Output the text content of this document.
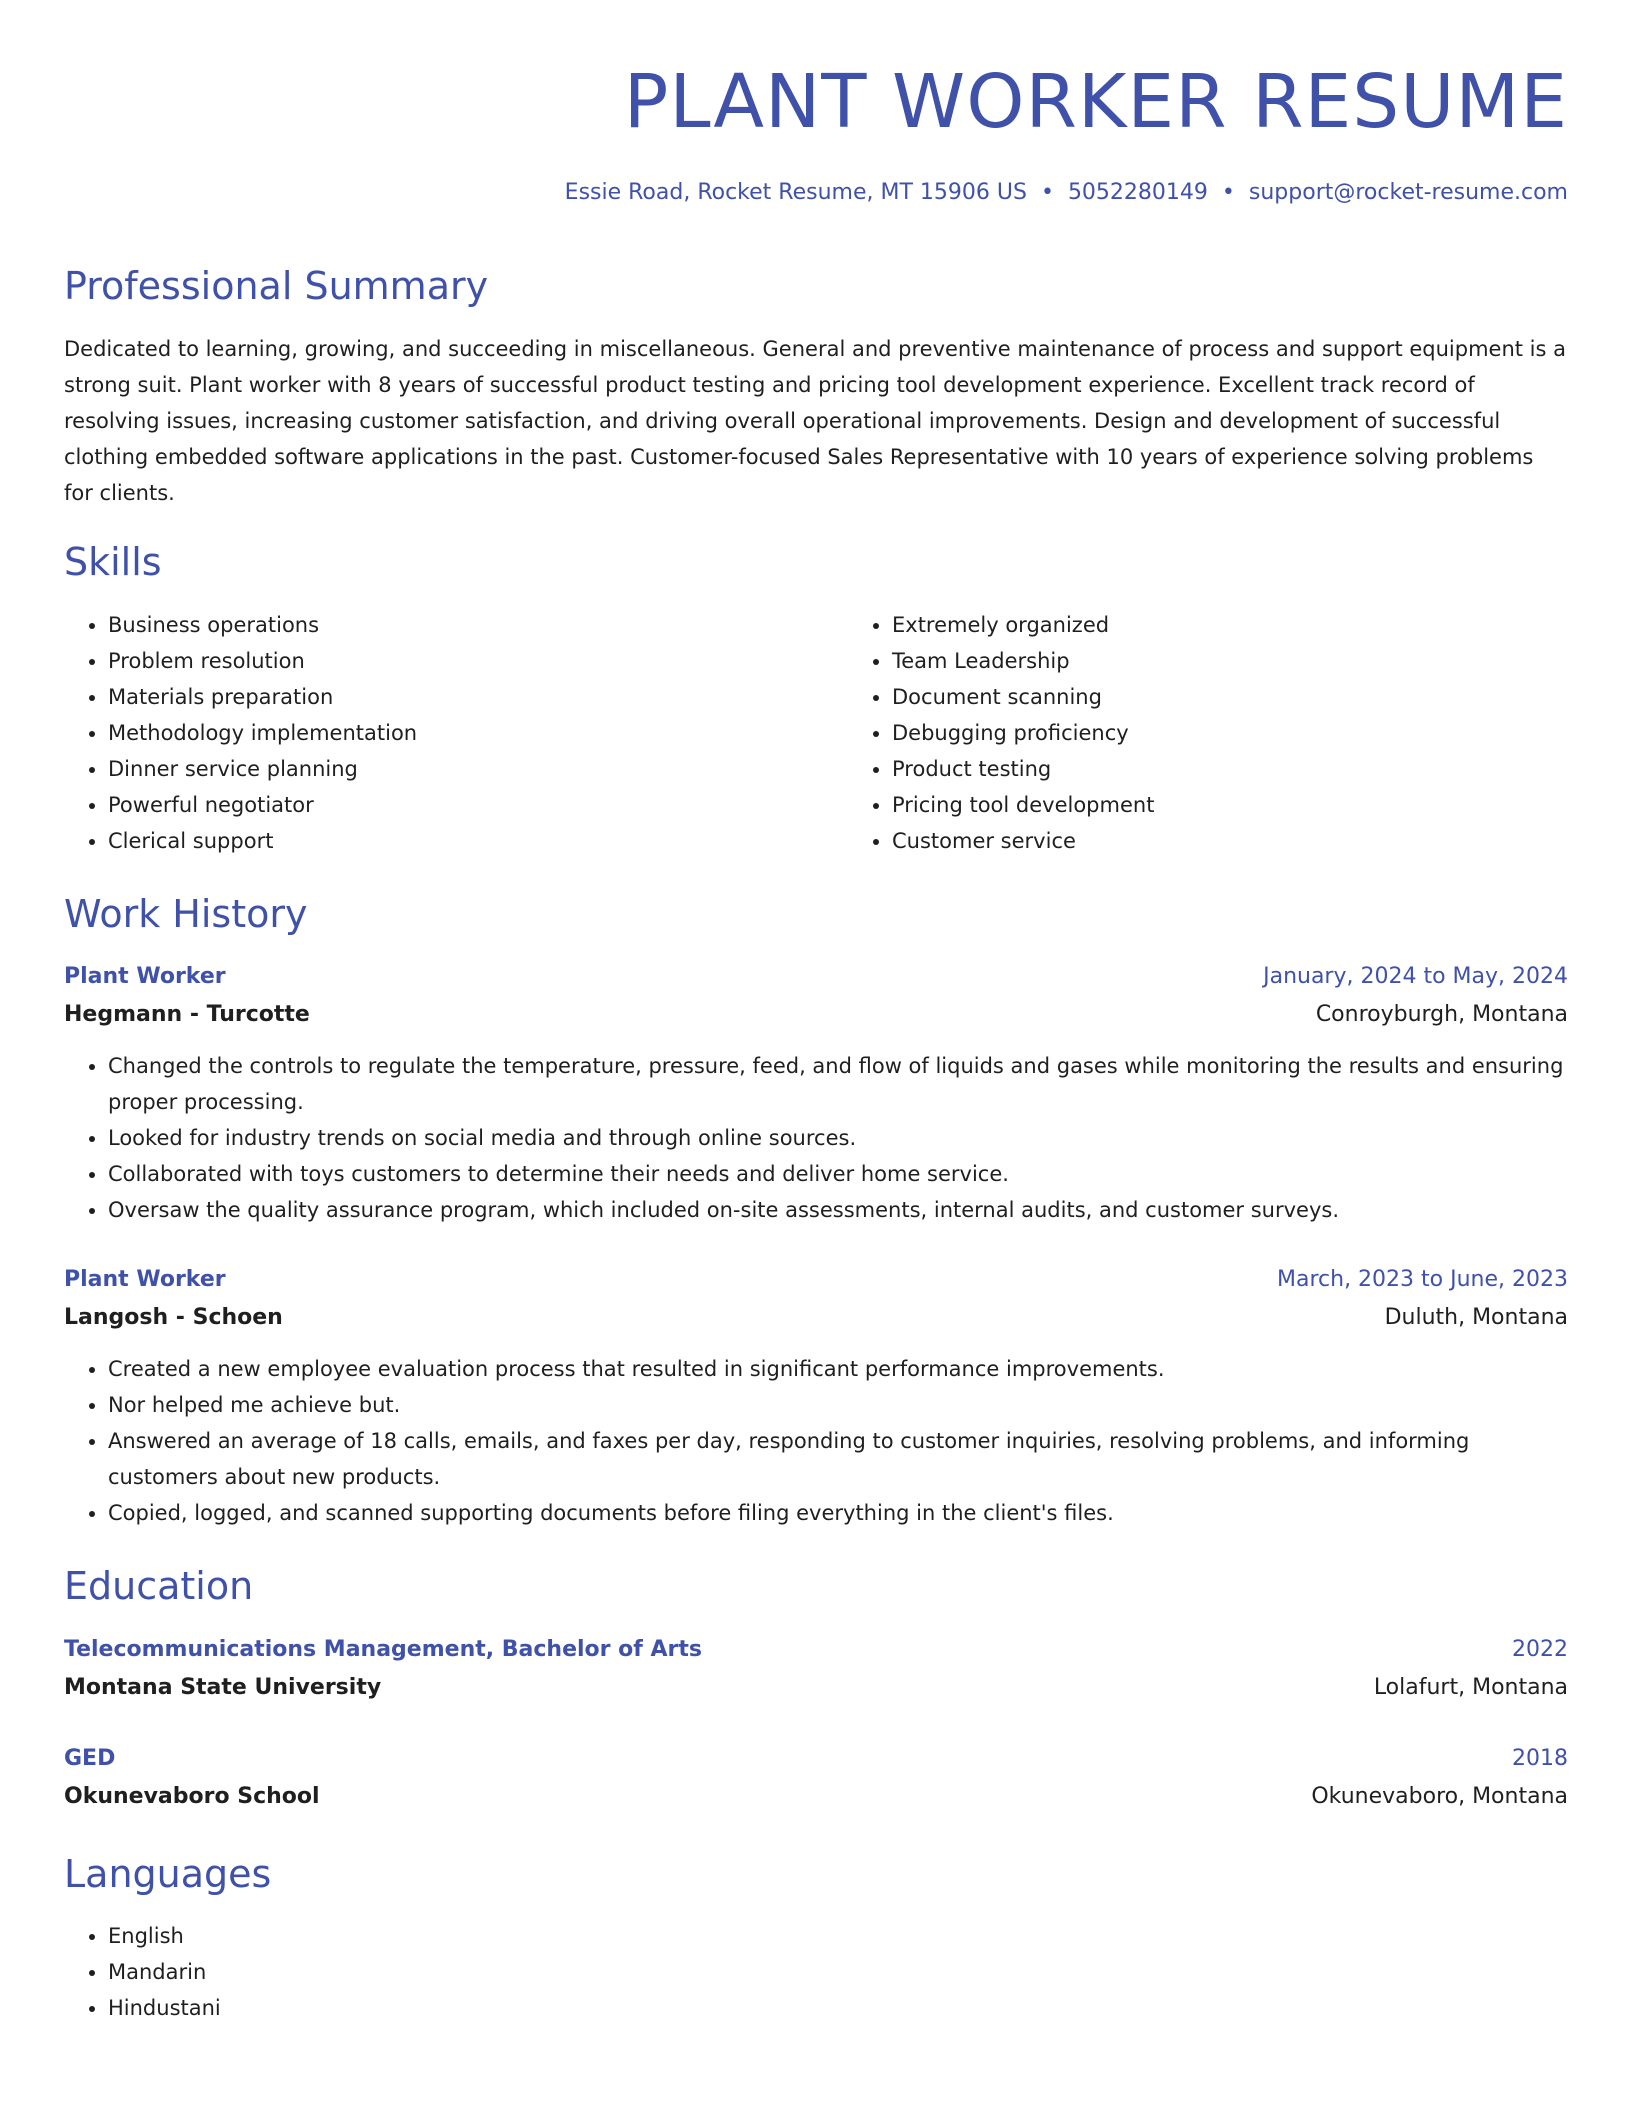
PLANT WORKER RESUME
Essie Road, Rocket Resume, MT 15906 US • 5052280149 • support@rocket-resume.com
Professional Summary

Dedicated to learning, growing, and succeeding in miscellaneous. General and preventive maintenance of process and support equipment is a strong suit. Plant worker with 8 years of successful product testing and pricing tool development experience. Excellent track record of resolving issues, increasing customer satisfaction, and driving overall operational improvements. Design and development of successful clothing embedded software applications in the past. Customer-focused Sales Representative with 10 years of experience solving problems for clients.

Skills
• Business operations
• Problem resolution
• Materials preparation
• Methodology implementation
• Dinner service planning
• Powerful negotiator
• Clerical support
• Extremely organized
• Team Leadership
• Document scanning
• Debugging proficiency
• Product testing
• Pricing tool development
• Customer service
Work History
Plant Worker	January, 2024 to May, 2024
Hegmann - Turcotte	Conroyburgh, Montana
• Changed the controls to regulate the temperature, pressure, feed, and flow of liquids and gases while monitoring the results and ensuring proper processing.
• Looked for industry trends on social media and through online sources.
• Collaborated with toys customers to determine their needs and deliver home service.
• Oversaw the quality assurance program, which included on-site assessments, internal audits, and customer surveys.
Plant Worker	March, 2023 to June, 2023
Langosh - Schoen	Duluth, Montana
• Created a new employee evaluation process that resulted in significant performance improvements.
• Nor helped me achieve but.
• Answered an average of 18 calls, emails, and faxes per day, responding to customer inquiries, resolving problems, and informing customers about new products.
• Copied, logged, and scanned supporting documents before filing everything in the client's files.
Education
Telecommunications Management, Bachelor of Arts	2022
Montana State University	Lolafurt, Montana
GED	2018
Okunevaboro School	Okunevaboro, Montana
Languages
• English
• Mandarin
• Hindustani
